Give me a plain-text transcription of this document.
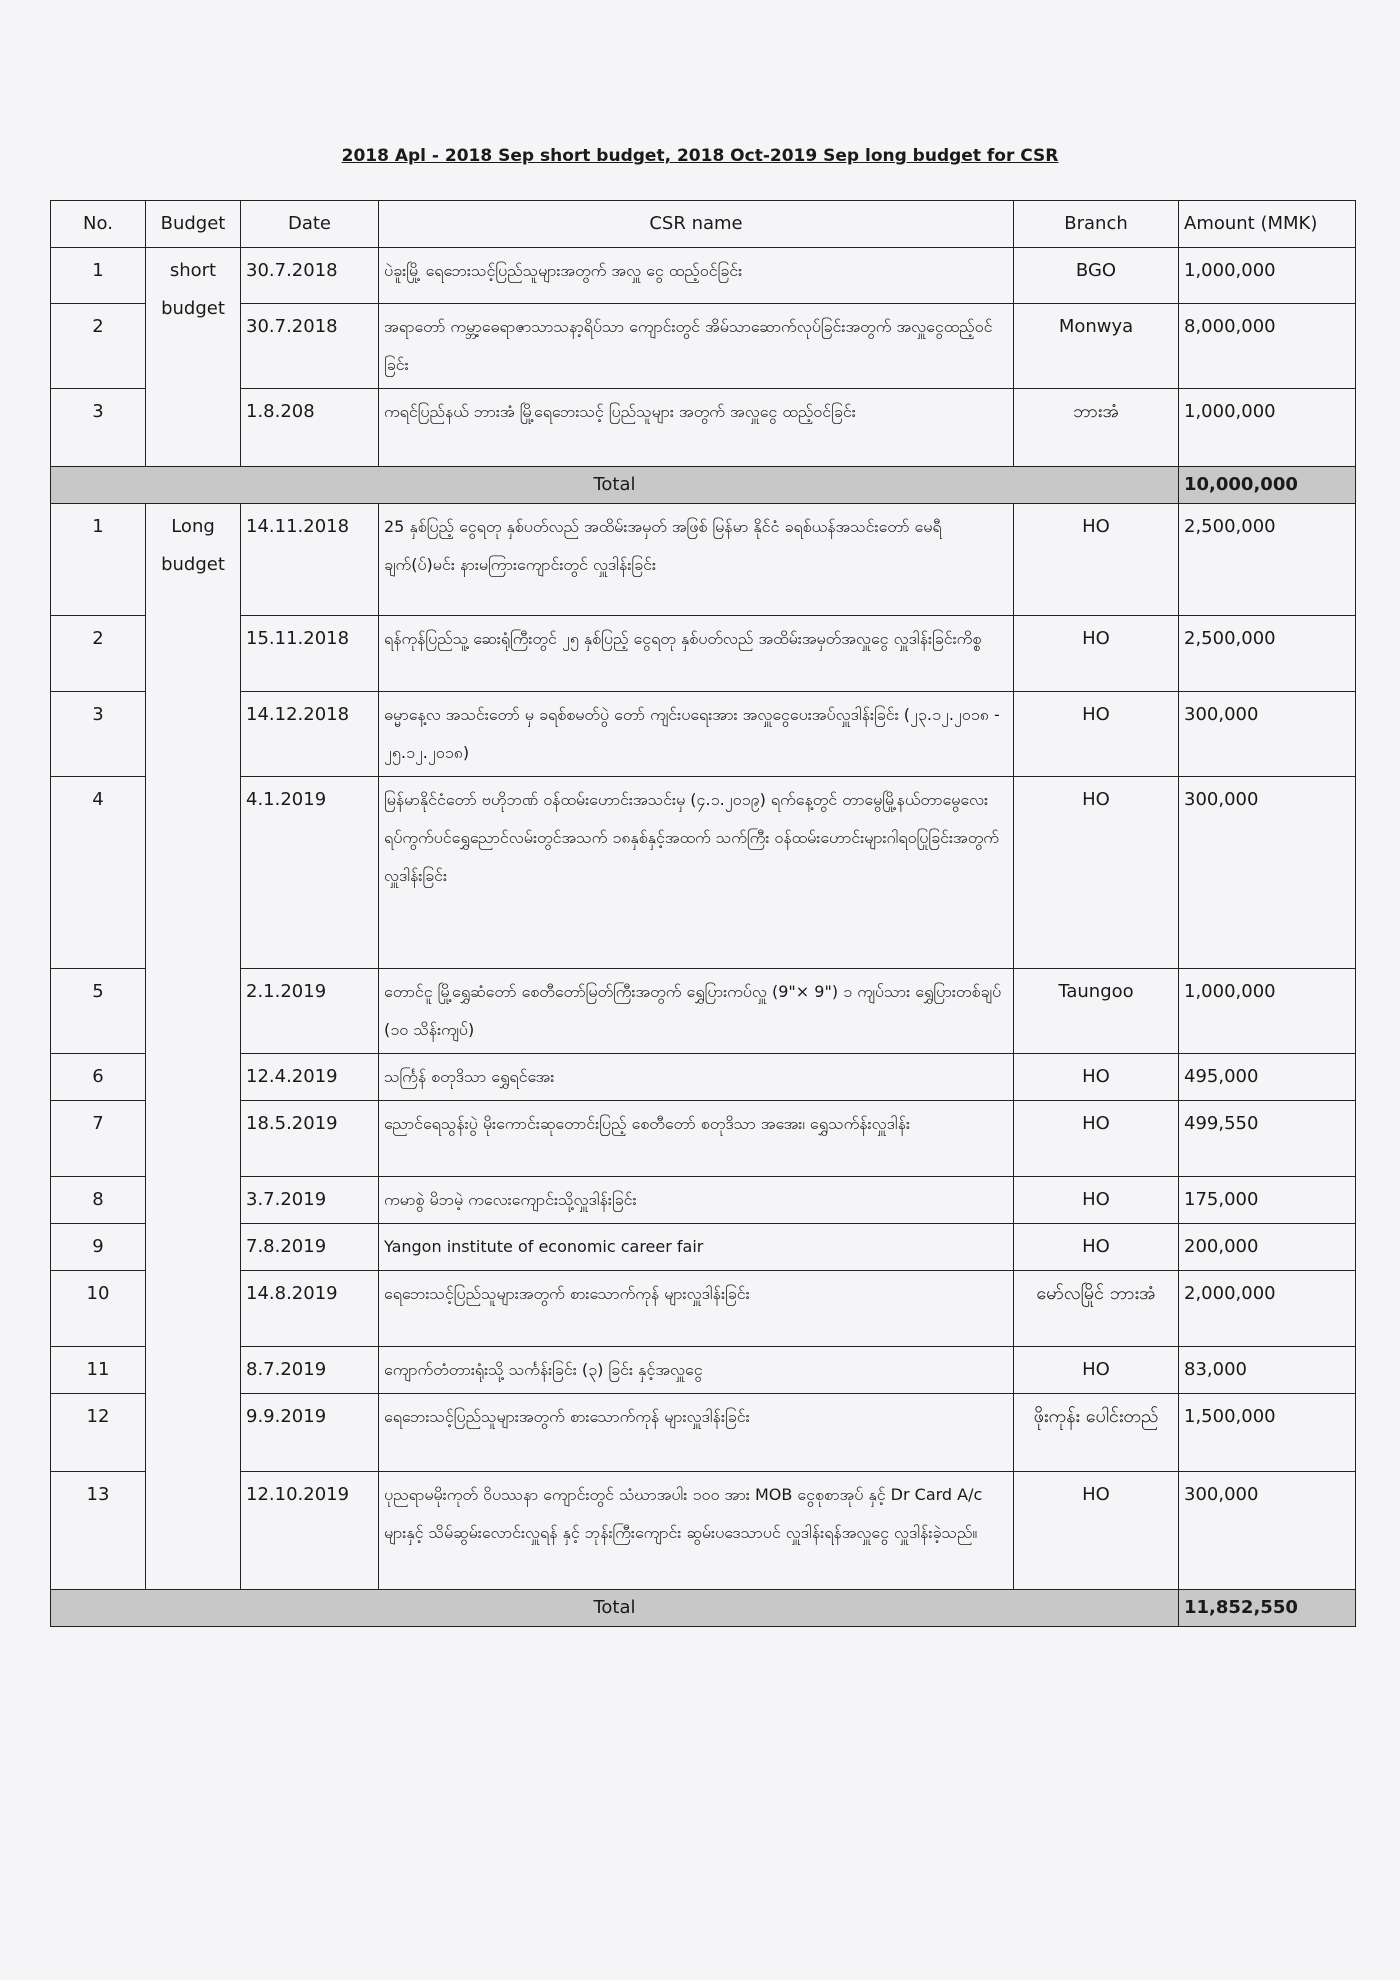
2018 Apl - 2018 Sep short budget, 2018 Oct-2019 Sep long budget for CSR
No.	Budget	Date	CSR name	Branch	Amount (MMK)
1	short budget	30.7.2018	ပဲခူးမြို့ ရေဘေးသင့်ပြည်သူများအတွက် အလှူ ငွေ ထည့်ဝင်ခြင်း	BGO	1,000,000
2		30.7.2018	အရာတော် ကမ္ဘာ့ဓေရာဇာသာသနာ့ရိပ်သာ ကျောင်းတွင် အိမ်သာဆောက်လုပ်ခြင်းအတွက် အလှူငွေထည့်ဝင်ခြင်း	Monwya	8,000,000
3		1.8.208	ကရင်ပြည်နယ် ဘားအံ မြို့ရေဘေးသင့် ပြည်သူများ အတွက် အလှူငွေ ထည့်ဝင်ခြင်း	ဘားအံ	1,000,000
Total					10,000,000
1	Long budget	14.11.2018	25 နှစ်ပြည့် ငွေရတု နှစ်ပတ်လည် အထိမ်းအမှတ် အဖြစ် မြန်မာ နိုင်ငံ ခရစ်ယန်အသင်းတော် မေရီချက်(ပ်)မင်း နားမကြားကျောင်းတွင် လှူဒါန်းခြင်း	HO	2,500,000
2		15.11.2018	ရန်ကုန်ပြည်သူ့ ဆေးရုံကြီးတွင် ၂၅ နှစ်ပြည့် ငွေရတု နှစ်ပတ်လည် အထိမ်းအမှတ်အလှူငွေ လှူဒါန်းခြင်းကိစ္စ	HO	2,500,000
3		14.12.2018	ဓမ္မာနေ့လ အသင်းတော် မှ ခရစ်စမတ်ပွဲ တော် ကျင်းပရေးအား အလှူငွေပေးအပ်လှူဒါန်းခြင်း (၂၃.၁၂.၂၀၁၈ - ၂၅.၁၂.၂၀၁၈)	HO	300,000
4		4.1.2019	မြန်မာနိုင်ငံတော် ဗဟိုဘဏ် ဝန်ထမ်းဟောင်းအသင်းမှ (၄.၁.၂၀၁၉) ရက်နေ့တွင် တာမွေမြို့နယ်တာမွေလေးရပ်ကွက်ပင်ရွှေညောင်လမ်းတွင်အသက် ၁၈နှစ်နှင့်အထက် သက်ကြီး ဝန်ထမ်းဟောင်းများဂါရဝပြုခြင်းအတွက် လှူဒါန်းခြင်း	HO	300,000
5		2.1.2019	တောင်ငူ မြို့ရွှေဆံတော် စေတီတော်မြတ်ကြီးအတွက် ရွှေပြားကပ်လှူ (9"× 9") ၁ ကျပ်သား ရွှေပြားတစ်ချပ် (၁၀ သိန်းကျပ်)	Taungoo	1,000,000
6		12.4.2019	သင်္ကြန် စတုဒိသာ ရွှေရင်အေး	HO	495,000
7		18.5.2019	ညောင်ရေသွန်းပွဲ မိုးကောင်းဆုတောင်းပြည့် စေတီတော် စတုဒိသာ အအေး၊ ရွှေသက်န်းလှူဒါန်း	HO	499,550
8		3.7.2019	ကမာစွဲ မိဘမဲ့ ကလေးကျောင်းသို့လှူဒါန်းခြင်း	HO	175,000
9		7.8.2019	Yangon institute of economic career fair	HO	200,000
10		14.8.2019	ရေဘေးသင့်ပြည်သူများအတွက် စားသောက်ကုန် များလှူဒါန်းခြင်း	မော်လမြိုင် ဘားအံ	2,000,000
11		8.7.2019	ကျောက်တံတားရုံးသို့ သင်္ကန်းခြင်း (၃) ခြင်း နှင့်အလှူငွေ	HO	83,000
12		9.9.2019	ရေဘေးသင့်ပြည်သူများအတွက် စားသောက်ကုန် များလှူဒါန်းခြင်း	ဖိုးကုန်း ပေါင်းတည်	1,500,000
13		12.10.2019	ပုညရာမမိုးကုတ် ဝိပဿနာ ကျောင်းတွင် သံဃာအပါး ၁၀၀ အား MOB ငွေစုစာအုပ် နှင့် Dr Card A/c များနှင့် သိမ်ဆွမ်းလောင်းလှူရန် နှင့် ဘုန်းကြီးကျောင်း ဆွမ်းပဒေသာပင် လှူဒါန်းရန်အလှူငွေ လှူဒါန်းခဲ့သည်။	HO	300,000
Total					11,852,550
